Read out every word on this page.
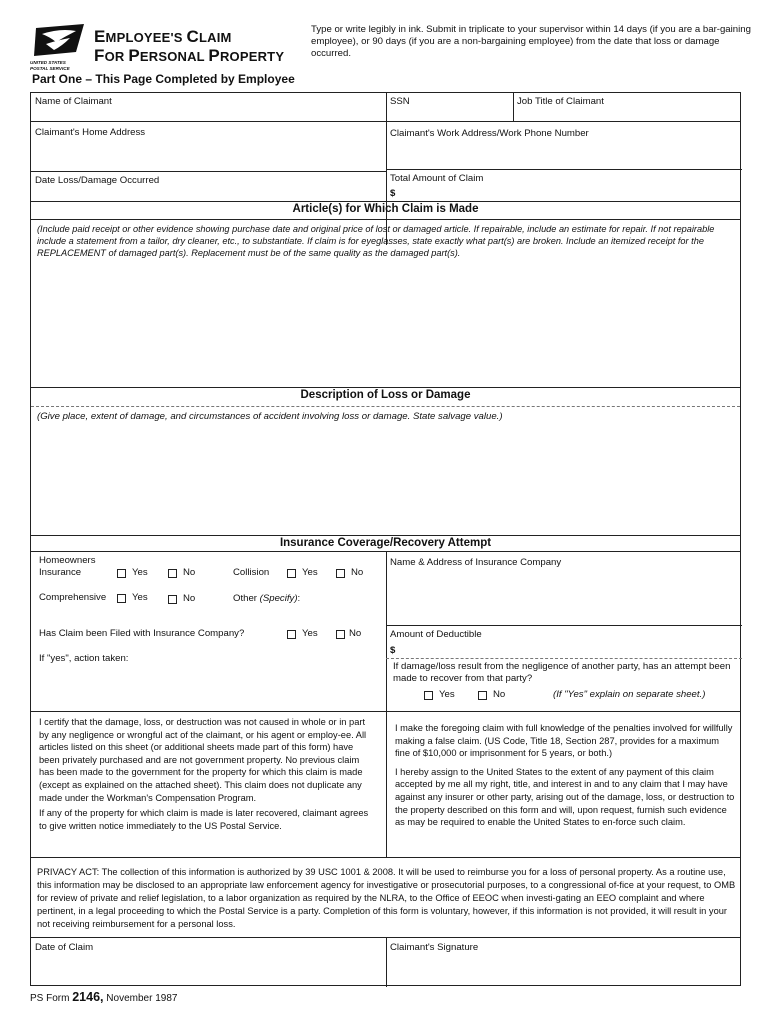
UNITED STATES
POSTAL SERVICE
EMPLOYEE'S CLAIM
FOR PERSONAL PROPERTY
Type or write legibly in ink. Submit in triplicate to your supervisor within 14 days (if you are a bar-gaining employee), or 90 days (if you are a non-bargaining employee) from the date that loss or damage occurred.
Part One – This Page Completed by Employee
Name of Claimant	SSN	Job Title of Claimant
Claimant's Home Address	Claimant's Work Address/Work Phone Number
Date Loss/Damage Occurred	Total Amount of Claim
$
Article(s) for Which Claim is Made
(Include paid receipt or other evidence showing purchase date and original price of lost or damaged article. If repairable, include an estimate for repair. If not repairable include a statement from a tailor, dry cleaner, etc., to substantiate. If claim is for eyeglasses, state exactly what part(s) are broken. Include an itemized receipt for the REPLACEMENT of damaged part(s). Replacement must be of the same quality as the damaged part(s).
Description of Loss or Damage
(Give place, extent of damage, and circumstances of accident involving loss or damage. State salvage value.)
Insurance Coverage/Recovery Attempt
Homeowners
Insurance	Yes	No	Collision	Yes	No
Comprehensive	Yes	No	Other (Specify):
Name & Address of Insurance Company
Amount of Deductible
$
Has Claim been Filed with Insurance Company?	Yes	No
If "yes", action taken:
If damage/loss result from the negligence of another party, has an attempt been made to recover from that party?
Yes	No	(If "Yes" explain on separate sheet.)

I certify that the damage, loss, or destruction was not caused in whole or in part by any negligence or wrongful act of the claimant, or his agent or employ-ee. All articles listed on this sheet (or additional sheets made part of this form) have been privately purchased and are not government property. No previous claim has been made to the government for the property for which this claim is made (except as explained on the attached sheet). This claim does not duplicate any made under the Workman's Compensation Program.

If any of the property for which claim is made is later recovered, claimant agrees to give written notice immediately to the US Postal Service.

I make the foregoing claim with full knowledge of the penalties involved for willfully making a false claim. (US Code, Title 18, Section 287, provides for a maximum fine of $10,000 or imprisonment for 5 years, or both.)

I hereby assign to the United States to the extent of any payment of this claim accepted by me all my right, title, and interest in and to any claim that I may have against any insurer or other party, arising out of the damage, loss, or destruction to the property described on this form and will, upon request, furnish such evidence as may be required to enable the United States to en-force such claim.

PRIVACY ACT: The collection of this information is authorized by 39 USC 1001 & 2008. It will be used to reimburse you for a loss of personal property. As a routine use, this information may be disclosed to an appropriate law enforcement agency for investigative or prosecutorial purposes, to a congressional of-fice at your request, to OMB for review of private and relief legislation, to a labor organization as required by the NLRA, to the Office of EEOC when investi-gating an EEO complaint and where pertinent, in a legal proceeding to which the Postal Service is a party. Completion of this form is voluntary, however, if this information is not provided, it will result in your not receiving reimbursement for a personal loss.
Date of Claim	Claimant's Signature
PS Form 2146, November 1987
